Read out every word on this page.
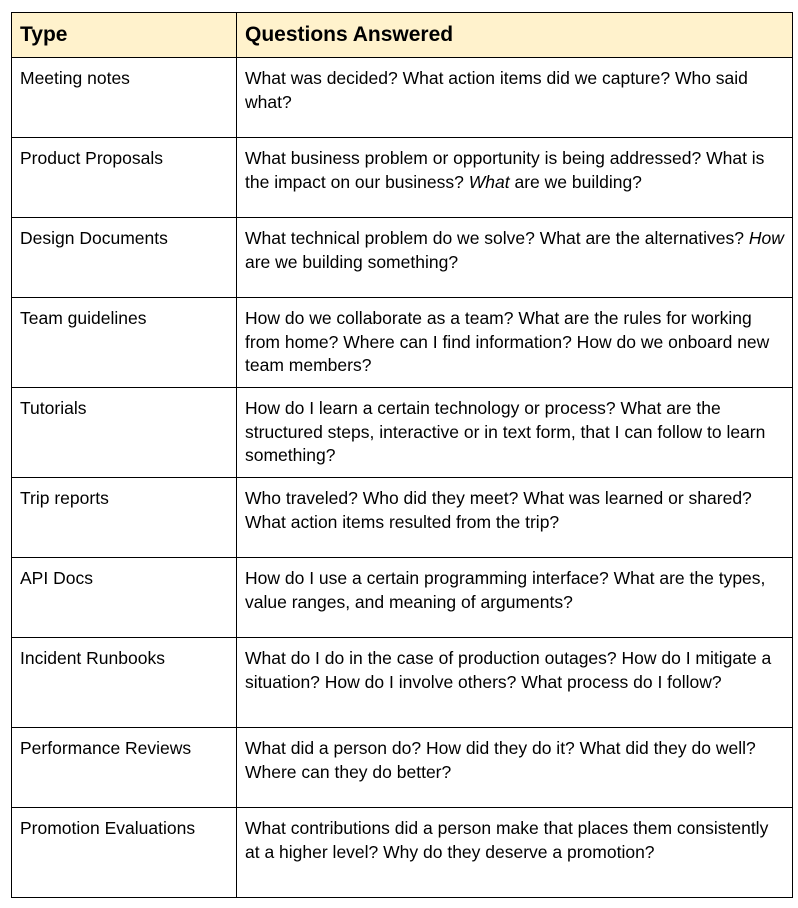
Type	Questions Answered
Meeting notes	What was decided? What action items did we capture? Who said what?
Product Proposals	What business problem or opportunity is being addressed? What is the impact on our business? What are we building?
Design Documents	What technical problem do we solve? What are the alternatives? How are we building something?
Team guidelines	How do we collaborate as a team? What are the rules for working from home? Where can I find information? How do we onboard new team members?
Tutorials	How do I learn a certain technology or process? What are the structured steps, interactive or in text form, that I can follow to learn something?
Trip reports	Who traveled? Who did they meet? What was learned or shared? What action items resulted from the trip?
API Docs	How do I use a certain programming interface? What are the types, value ranges, and meaning of arguments?
Incident Runbooks	What do I do in the case of production outages? How do I mitigate a situation? How do I involve others? What process do I follow?
Performance Reviews	What did a person do? How did they do it? What did they do well? Where can they do better?
Promotion Evaluations	What contributions did a person make that places them consistently at a higher level? Why do they deserve a promotion?
